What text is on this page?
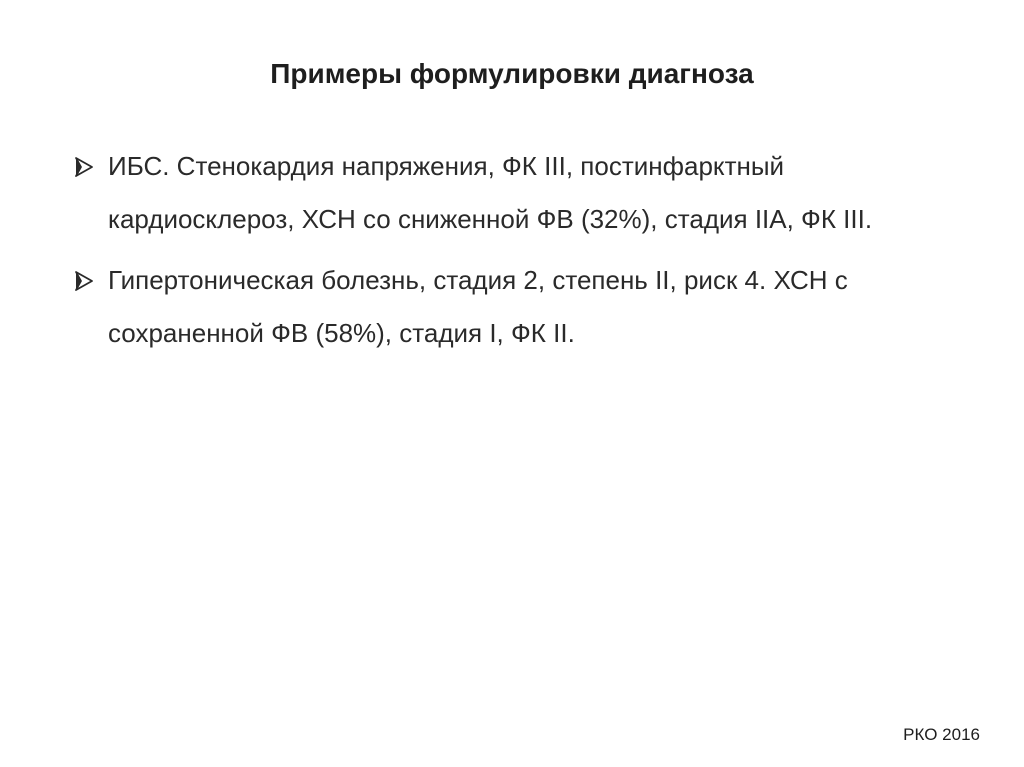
Примеры формулировки диагноза
ИБС. Стенокардия напряжения, ФК III, постинфарктный кардиосклероз, ХСН со сниженной ФВ (32%), стадия IIA, ФК III.
Гипертоническая болезнь, стадия 2, степень II, риск 4. ХСН с сохраненной ФВ (58%), стадия I, ФК II.
РКО 2016
